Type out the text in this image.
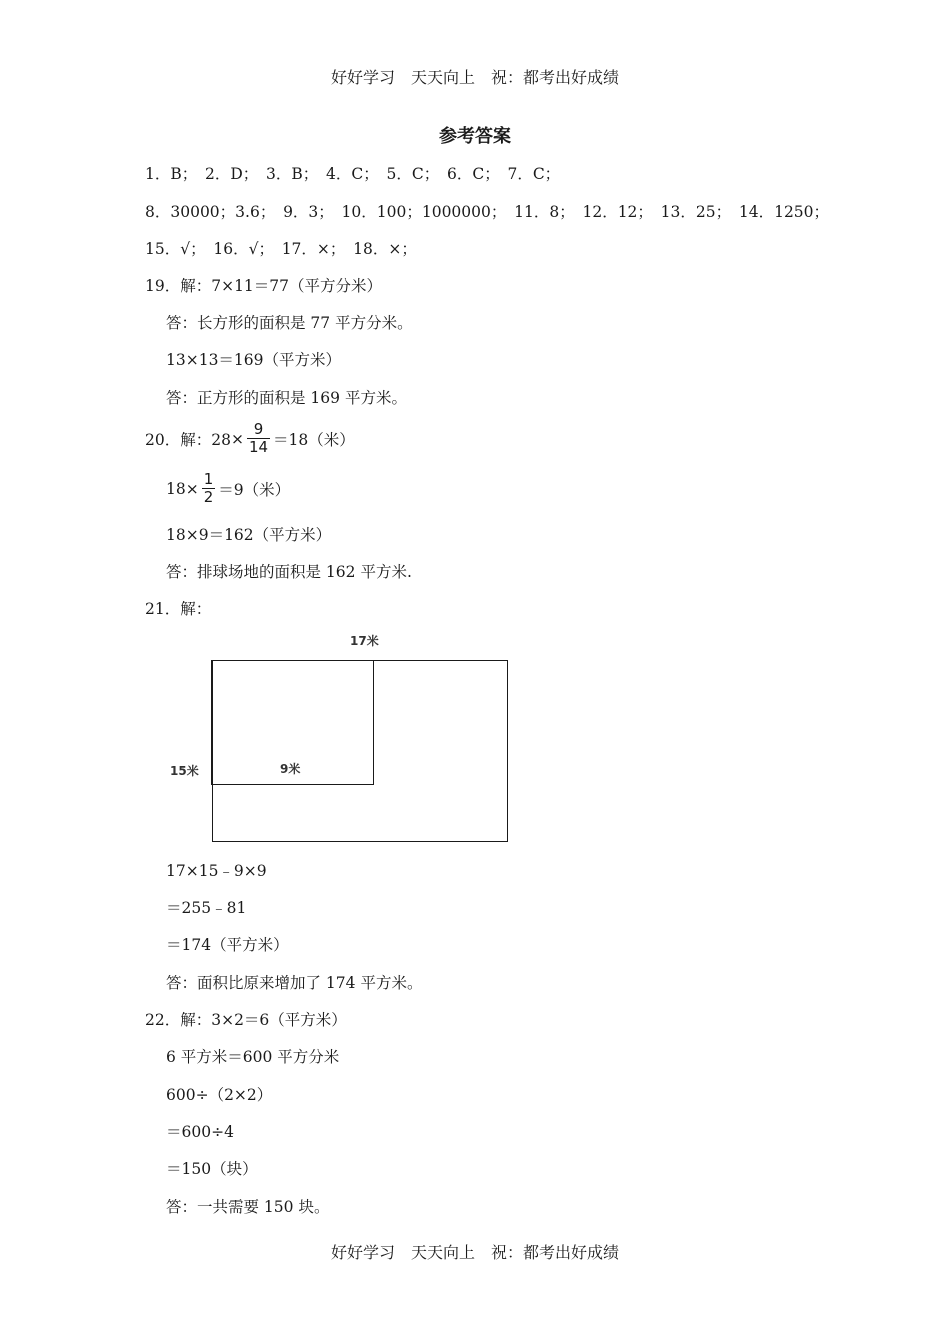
好好学习　天天向上　祝：都考出好成绩
参考答案
1．B；　2．D；　3．B；　4．C；　5．C；　6．C；　7．C；
8．30000；3.6；　9．3；　10．100；1000000；　11．8；　12．12；　13．25；　14．1250；
15．√；　16．√；　17．×；　18．×；
19．解：7×11＝77（平方分米）
答：长方形的面积是 77 平方分米。
13×13＝169（平方米）
答：正方形的面积是 169 平方米。
20．解：$28 \times \frac{9}{14} =18$（米）
$18 \times \frac{1}{2} =9$（米）
18×9＝162（平方米）
答：排球场地的面积是 162 平方米.
21．解：
17米
15米	9米
17×15﹣9×9
＝255﹣81
＝174（平方米）
答：面积比原来增加了 174 平方米。
22．解：3×2＝6（平方米）
6 平方米＝600 平方分米
600÷（2×2）
＝600÷4
＝150（块）
答：一共需要 150 块。
好好学习　天天向上　祝：都考出好成绩
